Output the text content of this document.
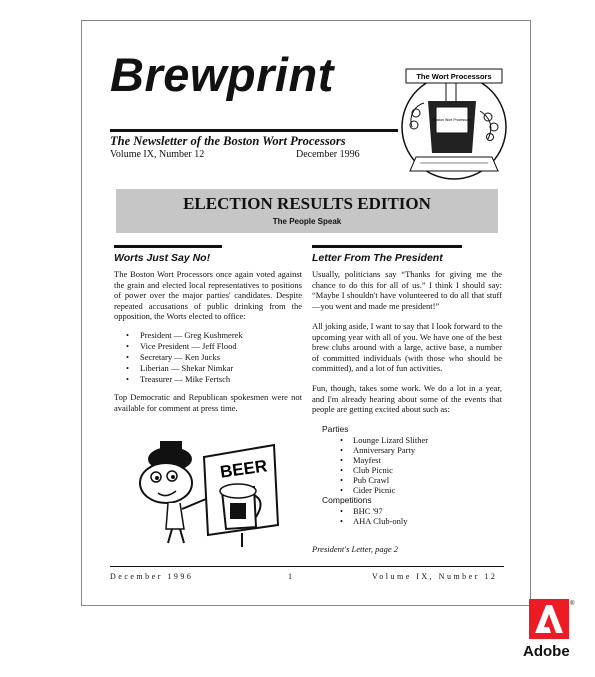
Brewprint	The Wort Processors
Boston Wort Processors
The Newsletter of the Boston Wort Processors
Volume IX, Number 12	December 1996
ELECTION RESULTS EDITION
The People Speak
Worts Just Say No!
The Boston Wort Processors once again voted against the grain and elected local representatives to positions of power over the major parties' candidates. Despite repeated accusations of public drinking from the opposition, the Worts elected to office:
• President — Greg Kushmerek
• Vice President — Jeff Flood
• Secretary — Ken Jucks
• Liberian — Shekar Nimkar
• Treasurer — Mike Fertsch
Top Democratic and Republican spokesmen were not available for comment at press time.
BEER
Letter From The President
Usually, politicians say “Thanks for giving me the chance to do this for all of us.” I think I should say: “Maybe I shouldn't have volunteered to do all that stuff—you went and made me president!”
All joking aside, I want to say that I look forward to the upcoming year with all of you. We have one of the best brew clubs around with a large, active base, a number of committed individuals (with those who should be committed), and a lot of fun activities.
Fun, though, takes some work. We do a lot in a year, and I'm already hearing about some of the events that people are getting excited about such as:
Parties
• Lounge Lizard Slither
• Anniversary Party
• Mayfest
• Club Picnic
• Pub Crawl
• Cider Picnic
Competitions
• BHC '97
• AHA Club-only
President's Letter, page 2
December 1996	1	Volume IX, Number 12
®
Adobe
